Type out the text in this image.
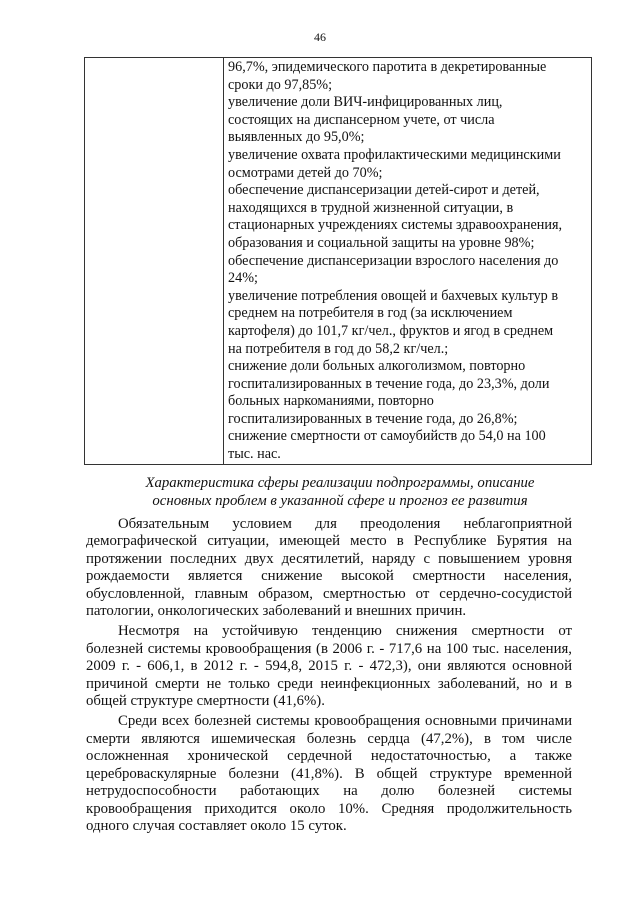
46

96,7%, эпидемического паротита в декретированные
сроки до 97,85%;
увеличение доли ВИЧ-инфицированных лиц,
состоящих на диспансерном учете, от числа
выявленных до 95,0%;
увеличение охвата профилактическими медицинскими
осмотрами детей до 70%;
обеспечение диспансеризации детей-сирот и детей,
находящихся в трудной жизненной ситуации, в
стационарных учреждениях системы здравоохранения,
образования и социальной защиты на уровне 98%;
обеспечение диспансеризации взрослого населения до
24%;
увеличение потребления овощей и бахчевых культур в
среднем на потребителя в год (за исключением
картофеля) до 101,7 кг/чел., фруктов и ягод в среднем
на потребителя в год до 58,2 кг/чел.;
снижение доли больных алкоголизмом, повторно
госпитализированных в течение года, до 23,3%, доли
больных наркоманиями, повторно
госпитализированных в течение года, до 26,8%;
снижение смертности от самоубийств до 54,0 на 100
тыс. нас.
Характеристика сферы реализации подпрограммы, описание
основных проблем в указанной сфере и прогноз ее развития
Обязательным условием для преодоления неблагоприятной
демографической ситуации, имеющей место в Республике Бурятия на
протяжении последних двух десятилетий, наряду с повышением уровня
рождаемости является снижение высокой смертности населения,
обусловленной, главным образом, смертностью от сердечно-сосудистой
патологии, онкологических заболеваний и внешних причин.
Несмотря на устойчивую тенденцию снижения смертности от
болезней системы кровообращения (в 2006 г. - 717,6 на 100 тыс. населения,
2009 г. - 606,1, в 2012 г. - 594,8, 2015 г. - 472,3), они являются основной
причиной смерти не только среди неинфекционных заболеваний, но и в
общей структуре смертности (41,6%).
Среди всех болезней системы кровообращения основными причинами
смерти являются ишемическая болезнь сердца (47,2%), в том числе
осложненная хронической сердечной недостаточностью, а также
цереброваскулярные болезни (41,8%). В общей структуре временной
нетрудоспособности работающих на долю болезней системы
кровообращения приходится около 10%. Средняя продолжительность
одного случая составляет около 15 суток.
